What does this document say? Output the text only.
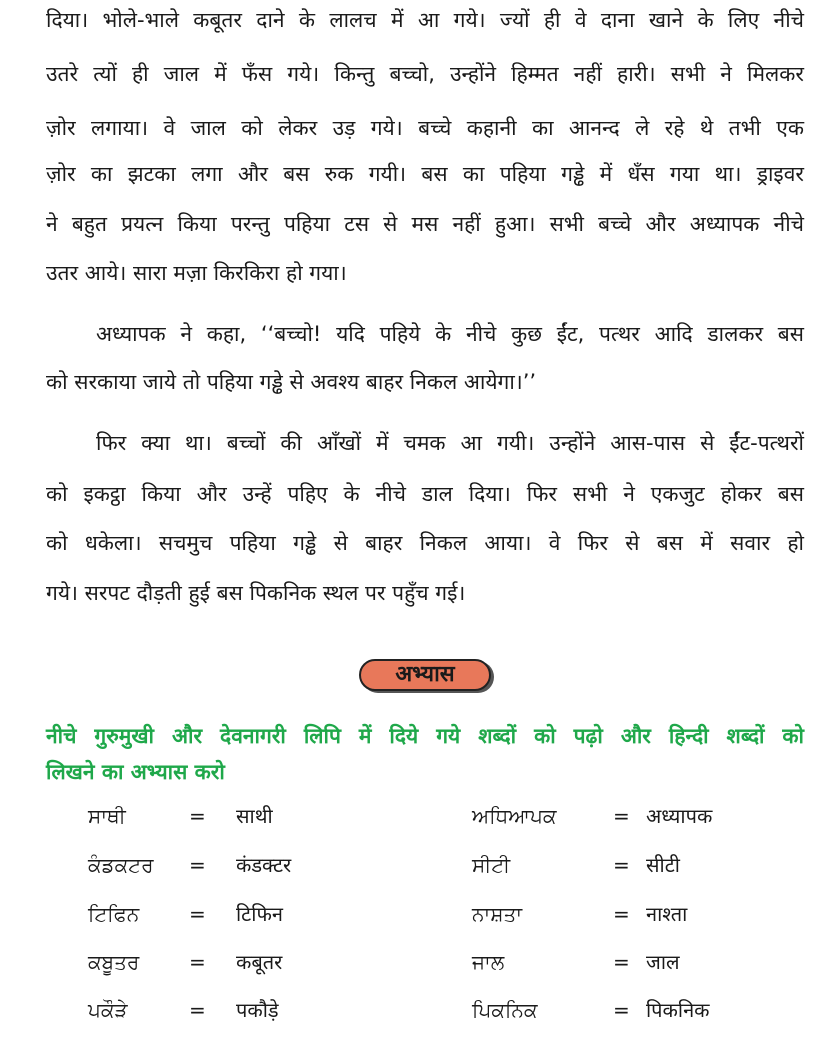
दिया। भोले-भाले कबूतर दाने के लालच में आ गये। ज्यों ही वे दाना खाने के लिए नीचे
उतरे त्यों ही जाल में फँस गये। किन्तु बच्चो, उन्होंने हिम्मत नहीं हारी। सभी ने मिलकर
ज़ोर लगाया। वे जाल को लेकर उड़ गये। बच्चे कहानी का आनन्द ले रहे थे तभी एक
ज़ोर का झटका लगा और बस रुक गयी। बस का पहिया गड्ढे में धँस गया था। ड्राइवर
ने बहुत प्रयत्न किया परन्तु पहिया टस से मस नहीं हुआ। सभी बच्चे और अध्यापक नीचे
उतर आये। सारा मज़ा किरकिरा हो गया।
अध्यापक ने कहा, ‘‘बच्चो! यदि पहिये के नीचे कुछ ईंट, पत्थर आदि डालकर बस
को सरकाया जाये तो पहिया गड्ढे से अवश्य बाहर निकल आयेगा।’’
फिर क्या था। बच्चों की आँखों में चमक आ गयी। उन्होंने आस-पास से ईंट-पत्थरों
को इकट्ठा किया और उन्हें पहिए के नीचे डाल दिया। फिर सभी ने एकजुट होकर बस
को धकेला। सचमुच पहिया गड्ढे से बाहर निकल आया। वे फिर से बस में सवार हो
गये। सरपट दौड़ती हुई बस पिकनिक स्थल पर पहुँच गई।
अभ्यास
नीचे गुरुमुखी और देवनागरी लिपि में दिये गये शब्दों को पढ़ो और हिन्दी शब्दों को
लिखने का अभ्यास करो
ਸਾਥੀ	= साथी	ਅਧਿਆਪਕ	= अध्यापक
ਕੰਡਕਟਰ = कंडक्टर	ਸੀਟੀ	= सीटी
ਟਿਫਿਨ = टिफिन	ਨਾਸ਼ਤਾ	= नाश्ता
ਕਬੂਤਰ = कबूतर	ਜਾਲ	= जाल
ਪਕੌੜੇ	= पकौड़े	ਪਿਕਨਿਕ	= पिकनिक
